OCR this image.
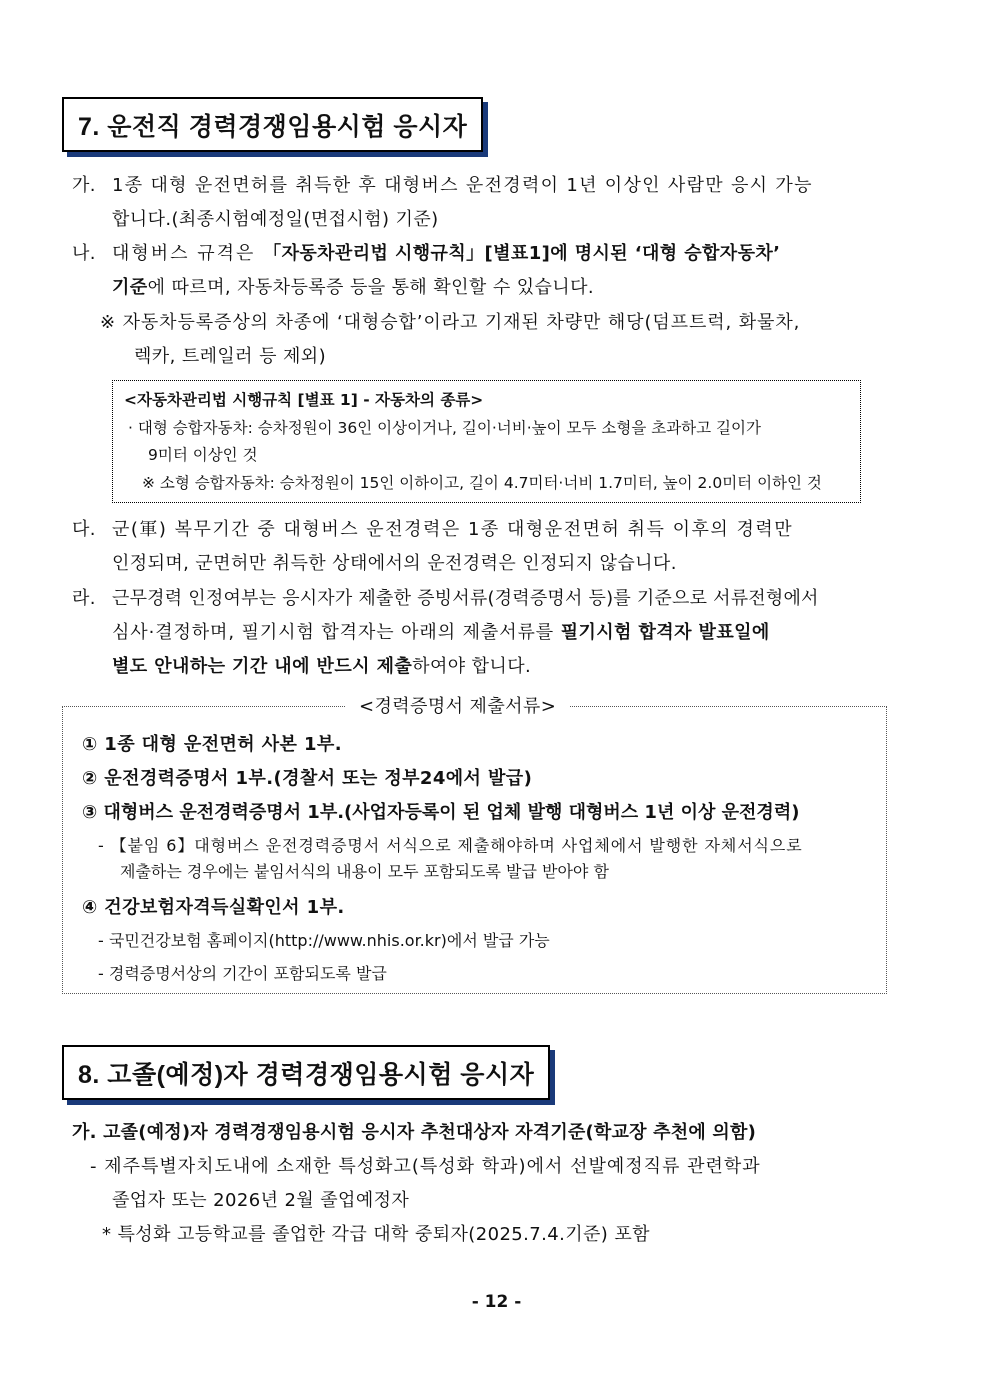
7. 운전직 경력경쟁임용시험 응시자
가. 1종 대형 운전면허를 취득한 후 대형버스 운전경력이 1년 이상인 사람만 응시 가능
합니다.(최종시험예정일(면접시험) 기준)
나. 대형버스 규격은 「자동차관리법 시행규칙」[별표1]에 명시된 ‘대형 승합자동차’
기준에 따르며, 자동차등록증 등을 통해 확인할 수 있습니다.
※ 자동차등록증상의 차종에 ‘대형승합’이라고 기재된 차량만 해당(덤프트럭, 화물차,
렉카, 트레일러 등 제외)
<자동차관리법 시행규칙 [별표 1] - 자동차의 종류>
· 대형 승합자동차: 승차정원이 36인 이상이거나, 길이·너비·높이 모두 소형을 초과하고 길이가
9미터 이상인 것
※ 소형 승합자동차: 승차정원이 15인 이하이고, 길이 4.7미터·너비 1.7미터, 높이 2.0미터 이하인 것
다. 군(軍) 복무기간 중 대형버스 운전경력은 1종 대형운전면허 취득 이후의 경력만
인정되며, 군면허만 취득한 상태에서의 운전경력은 인정되지 않습니다.
라. 근무경력 인정여부는 응시자가 제출한 증빙서류(경력증명서 등)를 기준으로 서류전형에서
심사·결정하며, 필기시험 합격자는 아래의 제출서류를 필기시험 합격자 발표일에
별도 안내하는 기간 내에 반드시 제출하여야 합니다.
<경력증명서 제출서류>
① 1종 대형 운전면허 사본 1부.
② 운전경력증명서 1부.(경찰서 또는 정부24에서 발급)
③ 대형버스 운전경력증명서 1부.(사업자등록이 된 업체 발행 대형버스 1년 이상 운전경력)
- 【붙임 6】대형버스 운전경력증명서 서식으로 제출해야하며 사업체에서 발행한 자체서식으로
제출하는 경우에는 붙임서식의 내용이 모두 포함되도록 발급 받아야 함
④ 건강보험자격득실확인서 1부.
- 국민건강보험 홈페이지(http://www.nhis.or.kr)에서 발급 가능
- 경력증명서상의 기간이 포함되도록 발급
8. 고졸(예정)자 경력경쟁임용시험 응시자
가. 고졸(예정)자 경력경쟁임용시험 응시자 추천대상자 자격기준(학교장 추천에 의함)
- 제주특별자치도내에 소재한 특성화고(특성화 학과)에서 선발예정직류 관련학과
졸업자 또는 2026년 2월 졸업예정자
* 특성화 고등학교를 졸업한 각급 대학 중퇴자(2025.7.4.기준) 포함
- 12 -
